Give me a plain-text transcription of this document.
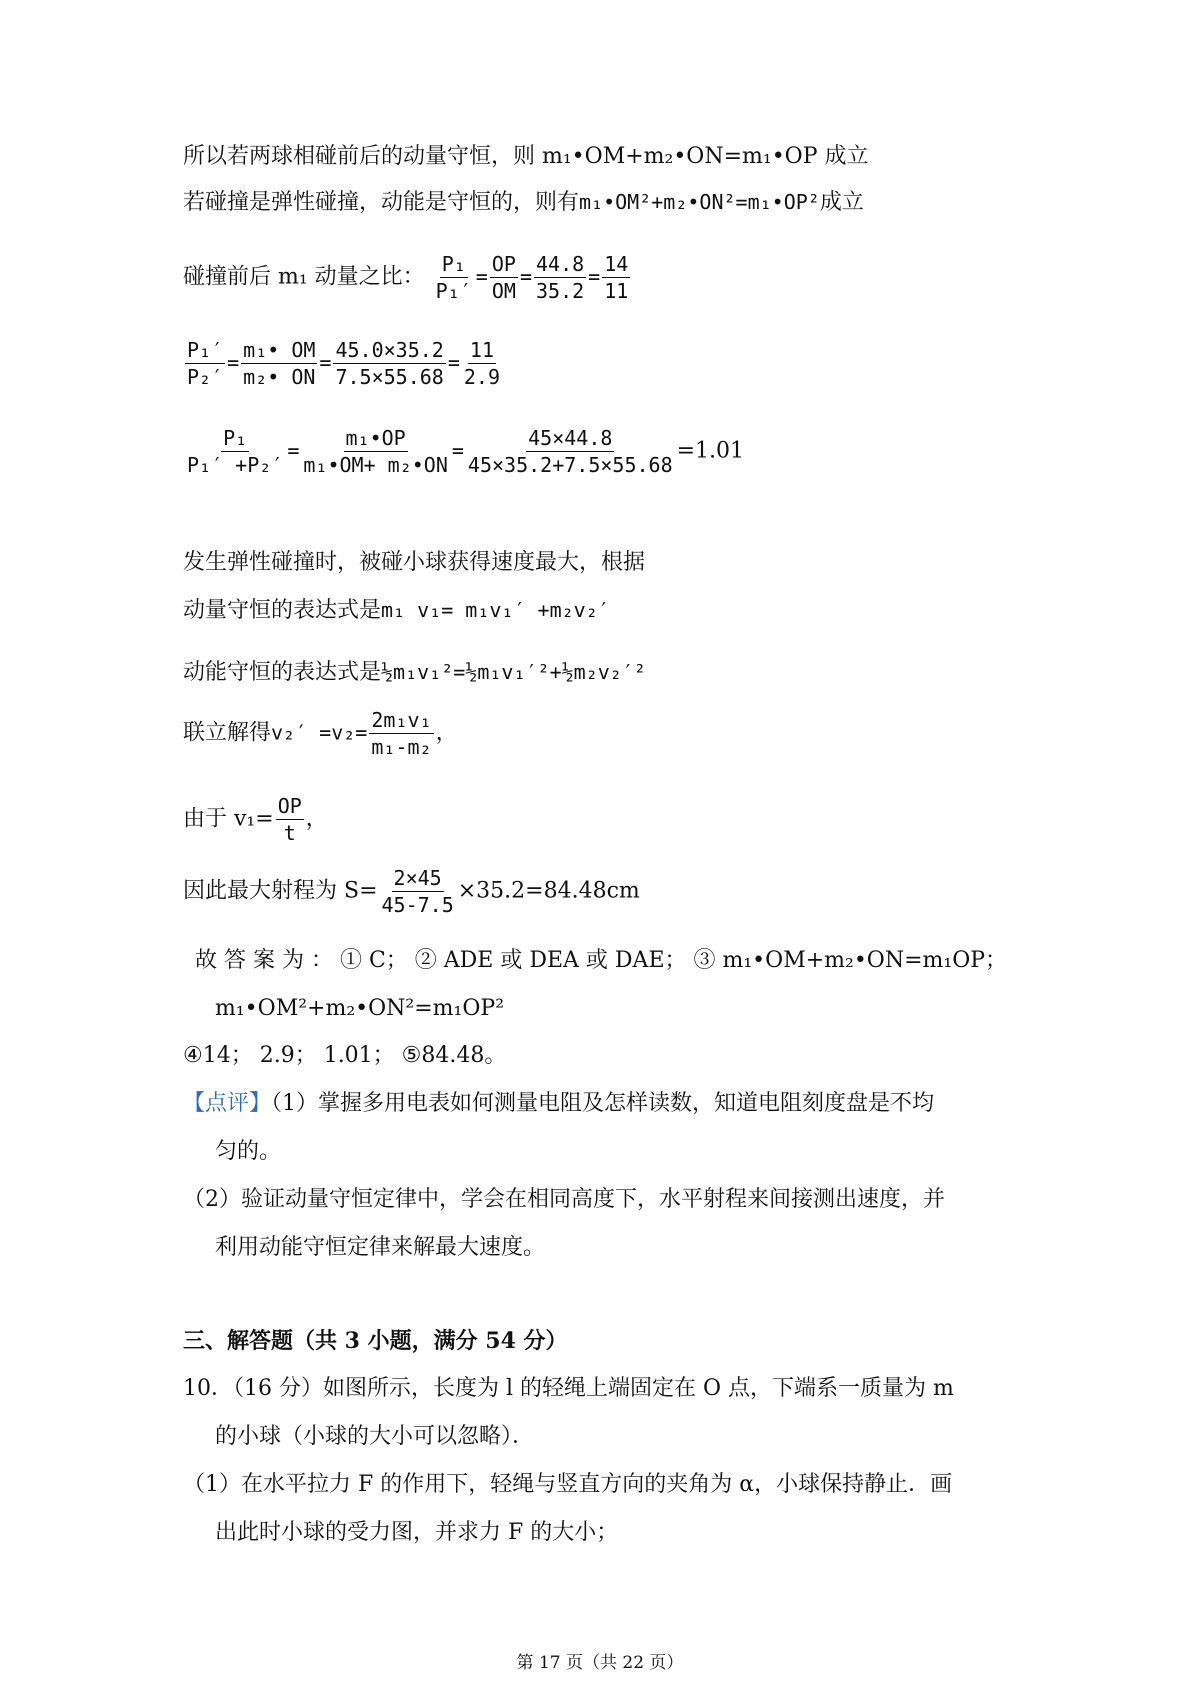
所以若两球相碰前后的动量守恒，则 m₁•OM+m₂•ON=m₁•OP 成立
若碰撞是弹性碰撞，动能是守恒的，则有m₁•OM²+m₂•ON²=m₁•OP²成立
碰撞前后 m₁ 动量之比： $\frac{\text{P₁}}{\text{P₁′}} = \frac{OP}{OM} = \frac{44.8}{35.2} = \frac{14}{11}$
$\frac{\text{P₁′}}{\text{P₂′}} = \frac{\text{m₁• OM}}{\text{m₂• ON}} = \frac{45.0\times 35.2}{7.5\times 55.68} = \frac{11}{2.9}$
$\frac{\text{P₁}}{\text{P₁′ +P₂′}} = \frac{\text{m₁•OP}}{\text{m₁•OM+ m₂•ON}} = \frac{45\times 44.8}{45\times 35.2+7.5\times 55.68} =1.01$
发生弹性碰撞时，被碰小球获得速度最大，根据
动量守恒的表达式是m₁ v₁= m₁v₁′ +m₂v₂′
动能守恒的表达式是½m₁v₁²=½m₁v₁′²+½m₂v₂′²
联立解得$v_2' =v_2= \frac{\text{2m₁v₁}}{\text{m₁-m₂}}$ ，
由于 $v_1= \frac{OP}{t}$ ，
因此最大射程为 $S= \frac{2\times 45}{45-7.5} \times 35.2=84.48cm$
故 答 案 为 ： ① C； ② ADE 或 DEA 或 DAE； ③ m₁•OM+m₂•ON=m₁OP；
m₁•OM²+m₂•ON²=m₁OP²
④14； 2.9； 1.01； ⑤84.48。
【点评】（1）掌握多用电表如何测量电阻及怎样读数，知道电阻刻度盘是不均
匀的。
（2）验证动量守恒定律中，学会在相同高度下，水平射程来间接测出速度，并
利用动能守恒定律来解最大速度。
三、解答题（共 3 小题，满分 54 分）
10．（16 分）如图所示，长度为 l 的轻绳上端固定在 O 点，下端系一质量为 m
的小球（小球的大小可以忽略）．
（1）在水平拉力 F 的作用下，轻绳与竖直方向的夹角为 α，小球保持静止．画
出此时小球的受力图，并求力 F 的大小；
第 17 页（共 22 页）
